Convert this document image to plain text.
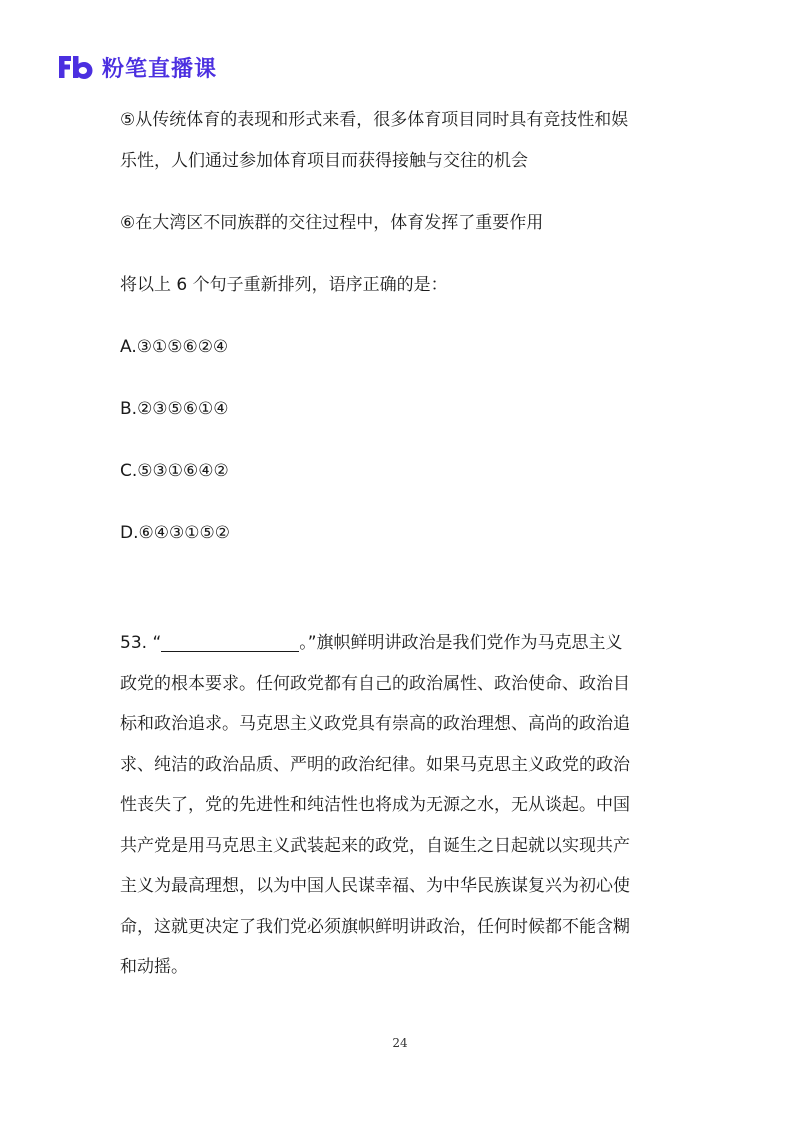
粉笔直播课
⑤从传统体育的表现和形式来看，很多体育项目同时具有竞技性和娱
乐性，人们通过参加体育项目而获得接触与交往的机会
⑥在大湾区不同族群的交往过程中，体育发挥了重要作用
将以上 6 个句子重新排列，语序正确的是：
A.③①⑤⑥②④
B.②③⑤⑥①④
C.⑤③①⑥④②
D.⑥④③①⑤②
53. “	。”旗帜鲜明讲政治是我们党作为马克思主义
政党的根本要求。任何政党都有自己的政治属性、政治使命、政治目
标和政治追求。马克思主义政党具有崇高的政治理想、高尚的政治追
求、纯洁的政治品质、严明的政治纪律。如果马克思主义政党的政治
性丧失了，党的先进性和纯洁性也将成为无源之水，无从谈起。中国
共产党是用马克思主义武装起来的政党，自诞生之日起就以实现共产
主义为最高理想，以为中国人民谋幸福、为中华民族谋复兴为初心使
命，这就更决定了我们党必须旗帜鲜明讲政治，任何时候都不能含糊
和动摇。
24
